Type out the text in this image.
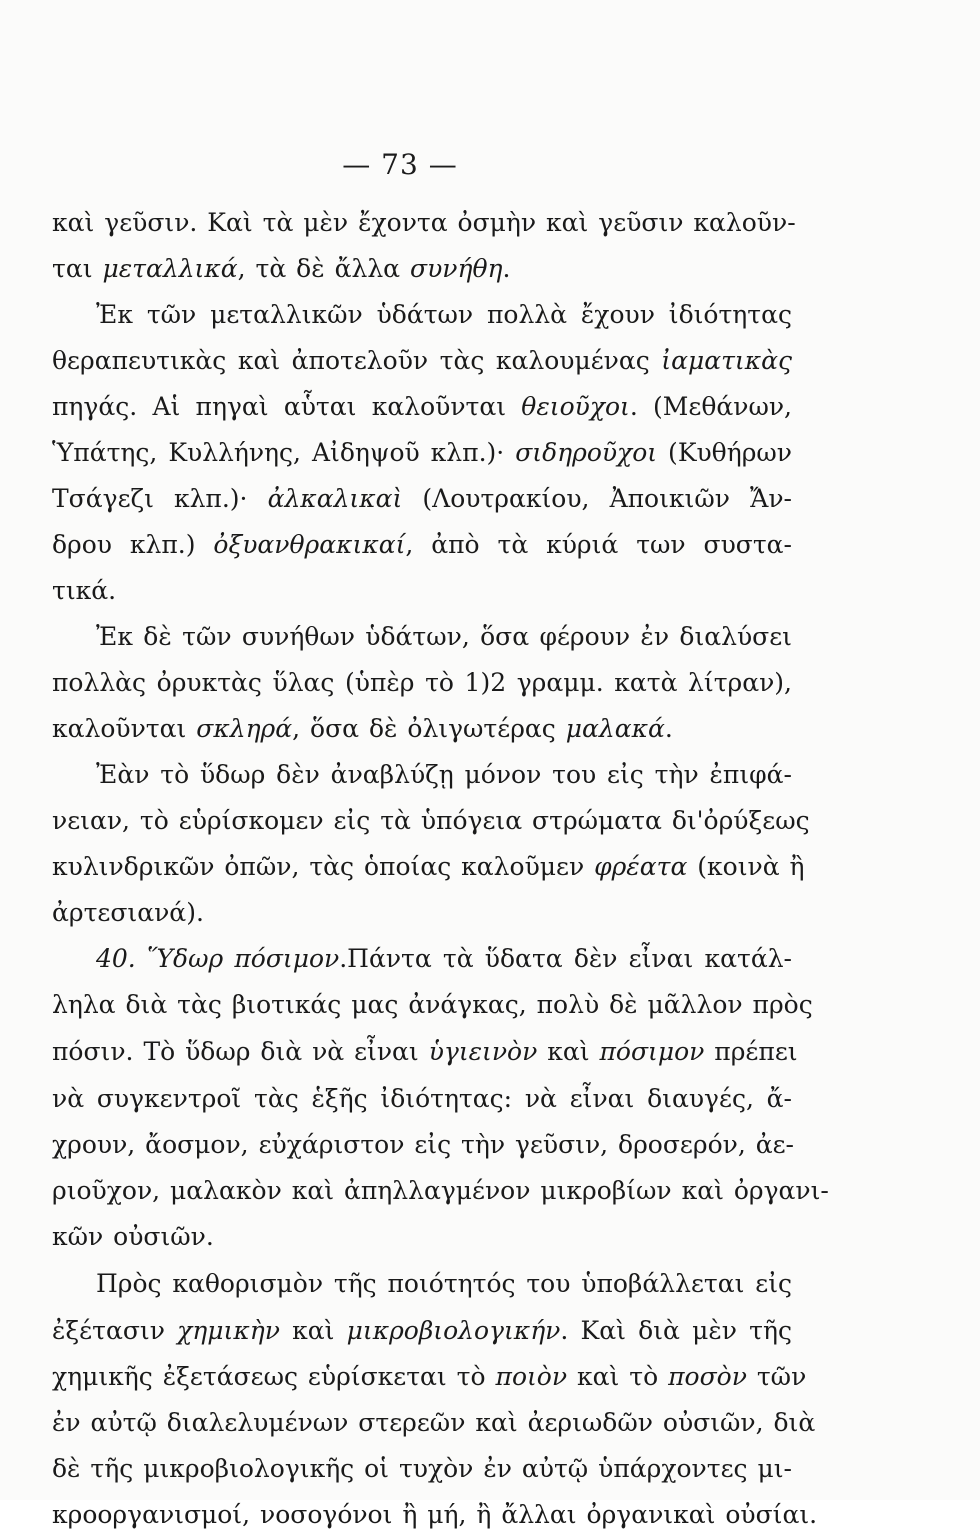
— 73 —
καὶ γεῦσιν. Καὶ τὰ μὲν ἔχοντα ὀσμὴν καὶ γεῦσιν καλοῦν-
ται μεταλλικά, τὰ δὲ ἄλλα συνήθη.
Ἐκ τῶν μεταλλικῶν ὑδάτων πολλὰ ἔχουν ἰδιότητας
θεραπευτικὰς καὶ ἀποτελοῦν τὰς καλουμένας ἰαματικὰς
πηγάς. Αἱ πηγαὶ αὗται καλοῦνται θειοῦχοι. (Μεθάνων,
Ὑπάτης, Κυλλήνης, Αἰδηψοῦ κλπ.)· σιδηροῦχοι (Κυθήρων
Τσάγεζι κλπ.)· ἀλκαλικαὶ (Λουτρακίου, Ἀποικιῶν Ἄν-
δρου κλπ.) ὀξυανθρακικαί, ἀπὸ τὰ κύριά των συστα-
τικά.
Ἐκ δὲ τῶν συνήθων ὑδάτων, ὅσα φέρουν ἐν διαλύσει
πολλὰς ὀρυκτὰς ὕλας (ὑπὲρ τὸ 1)2 γραμμ. κατὰ λίτραν),
καλοῦνται σκληρά, ὅσα δὲ ὀλιγωτέρας μαλακά.
Ἐὰν τὸ ὕδωρ δὲν ἀναβλύζῃ μόνον του εἰς τὴν ἐπιφά-
νειαν, τὸ εὑρίσκομεν εἰς τὰ ὑπόγεια στρώματα δι'ὀρύξεως
κυλινδρικῶν ὀπῶν, τὰς ὁποίας καλοῦμεν φρέατα (κοινὰ ἢ
ἀρτεσιανά).
40. Ὕδωρ πόσιμον.Πάντα τὰ ὕδατα δὲν εἶναι κατάλ-
ληλα διὰ τὰς βιοτικάς μας ἀνάγκας, πολὺ δὲ μᾶλλον πρὸς
πόσιν. Τὸ ὕδωρ διὰ νὰ εἶναι ὑγιεινὸν καὶ πόσιμον πρέπει
νὰ συγκεντροῖ τὰς ἑξῆς ἰδιότητας: νὰ εἶναι διαυγές, ἄ-
χρουν, ἄοσμον, εὐχάριστον εἰς τὴν γεῦσιν, δροσερόν, ἀε-
ριοῦχον, μαλακὸν καὶ ἀπηλλαγμένον μικροβίων καὶ ὀργανι-
κῶν οὐσιῶν.
Πρὸς καθορισμὸν τῆς ποιότητός του ὑποβάλλεται εἰς
ἐξέτασιν χημικὴν καὶ μικροβιολογικήν. Καὶ διὰ μὲν τῆς
χημικῆς ἐξετάσεως εὑρίσκεται τὸ ποιὸν καὶ τὸ ποσὸν τῶν
ἐν αὐτῷ διαλελυμένων στερεῶν καὶ ἀεριωδῶν οὐσιῶν, διὰ
δὲ τῆς μικροβιολογικῆς οἱ τυχὸν ἐν αὐτῷ ὑπάρχοντες μι-
κροοργανισμοί, νοσογόνοι ἢ μή, ἢ ἄλλαι ὀργανικαὶ οὐσίαι.
